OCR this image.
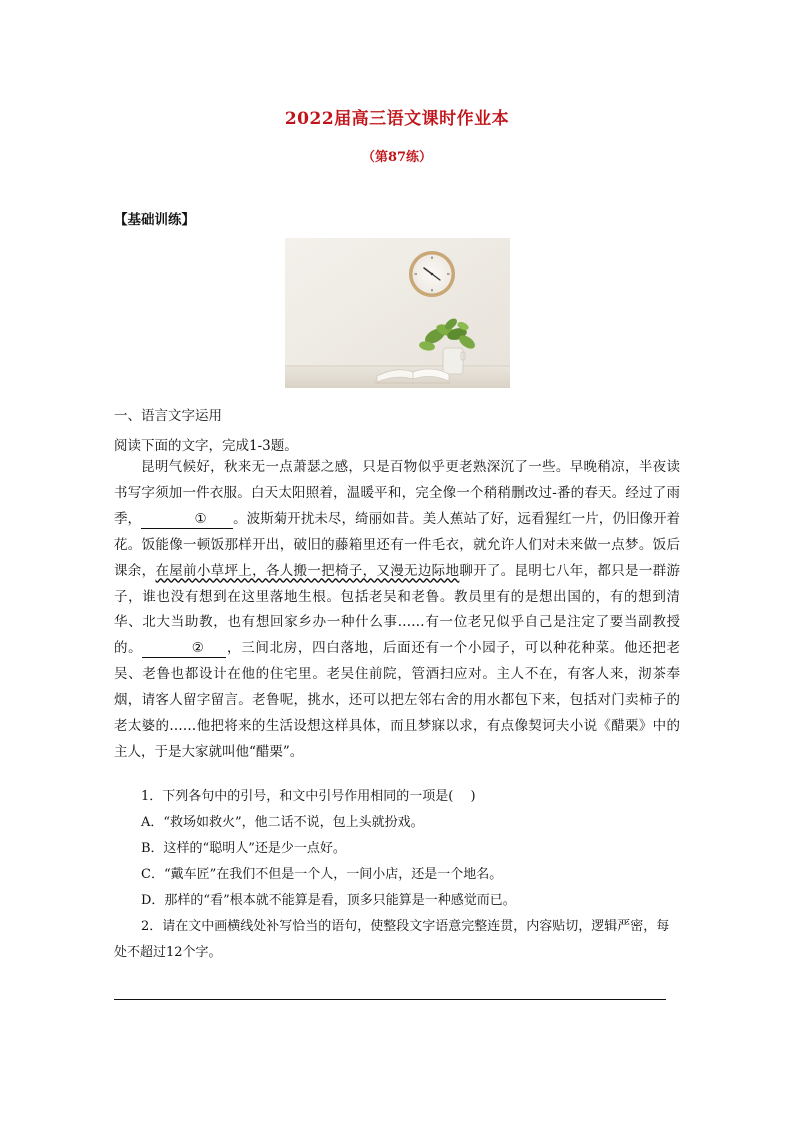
2022届高三语文课时作业本
（第87练）
【基础训练】
一、语言文字运用
阅读下面的文字，完成1-3题。

昆明气候好，秋来无一点萧瑟之感，只是百物似乎更老熟深沉了一些。早晚稍凉，半夜读书写字须加一件衣服。白天太阳照着，温暖平和，完全像一个稍稍删改过-番的春天。经过了雨季，	① 。波斯菊开扰未尽，绮丽如昔。美人蕉站了好，远看猩红一片，仍旧像开着花。饭能像一顿饭那样开出，破旧的藤箱里还有一件毛衣，就允许人们对未来做一点梦。饭后课余，在屋前小草坪上，各人搬一把椅子，又漫无边际地聊开了。昆明七八年，都只是一群游子，谁也没有想到在这里落地生根。包括老吴和老鲁。教员里有的是想出国的，有的想到清华、北大当助教，也有想回家乡办一种什么事……有一位老兄似乎自己是注定了要当副教授的。	② ，三间北房，四白落地，后面还有一个小园子，可以种花种菜。他还把老吴、老鲁也都设计在他的住宅里。老吴住前院，管酒扫应对。主人不在，有客人来，沏茶奉烟，请客人留字留言。老鲁呢，挑水，还可以把左邻右舍的用水都包下来，包括对门卖柿子的老太婆的……他把将来的生活设想这样具体，而且梦寐以求，有点像契诃夫小说《醋栗》中的主人，于是大家就叫他“醋栗”。

1．下列各句中的引号，和文中引号作用相同的一项是(　 )

A．“救场如救火”，他二话不说，包上头就扮戏。

B．这样的“聪明人”还是少一点好。

C．“戴车匠”在我们不但是一个人，一间小店，还是一个地名。

D．那样的“看”根本就不能算是看，顶多只能算是一种感觉而已。

2．请在文中画横线处补写恰当的语句，使整段文字语意完整连贯，内容贴切，逻辑严密，每处不超过12个字。
